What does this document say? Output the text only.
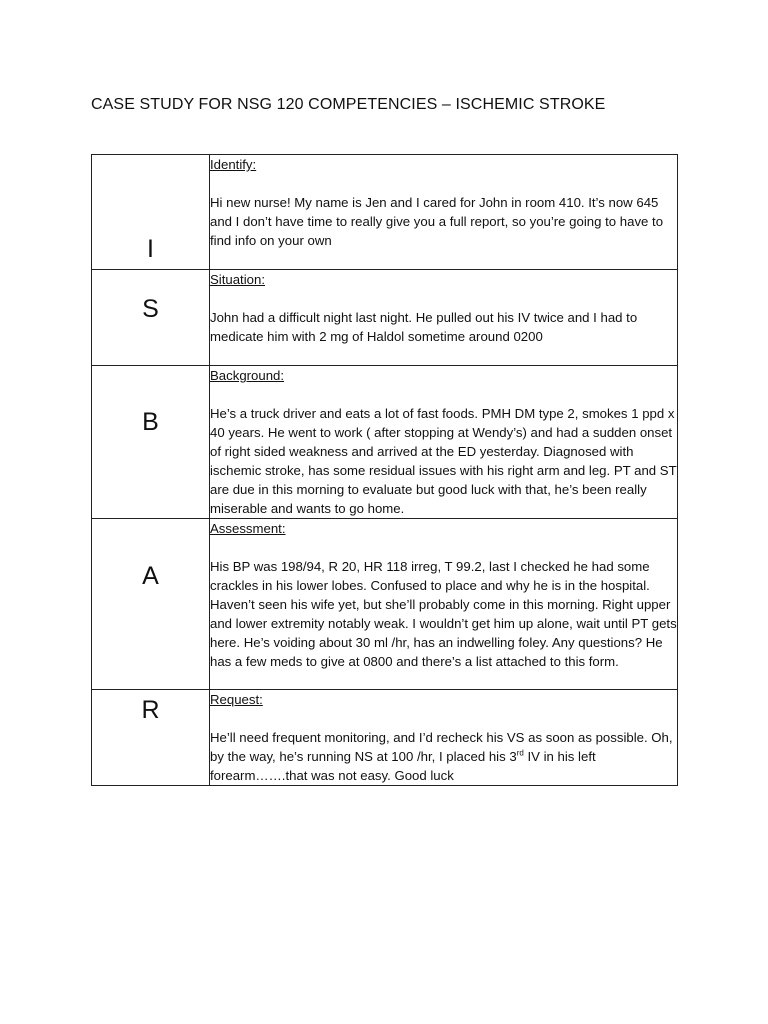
CASE STUDY FOR NSG 120 COMPETENCIES – ISCHEMIC STROKE
I	Identify:
Hi new nurse! My name is Jen and I cared for John in room 410. It’s now 645 and I don’t have time to really give you a full report, so you’re going to have to find info on your own

S	Situation:
John had a difficult night last night. He pulled out his IV twice and I had to medicate him with 2 mg of Haldol sometime around 0200

B	Background:
He’s a truck driver and eats a lot of fast foods. PMH DM type 2, smokes 1 ppd x 40 years. He went to work ( after stopping at Wendy’s) and had a sudden onset of right sided weakness and arrived at the ED yesterday. Diagnosed with ischemic stroke, has some residual issues with his right arm and leg. PT and ST are due in this morning to evaluate but good luck with that, he’s been really miserable and wants to go home.

A	Assessment:
His BP was 198/94, R 20, HR 118 irreg, T 99.2, last I checked he had some crackles in his lower lobes. Confused to place and why he is in the hospital. Haven’t seen his wife yet, but she’ll probably come in this morning. Right upper and lower extremity notably weak. I wouldn’t get him up alone, wait until PT gets here. He’s voiding about 30 ml /hr, has an indwelling foley. Any questions? He has a few meds to give at 0800 and there’s a list attached to this form.

R	Request:
He’ll need frequent monitoring, and I’d recheck his VS as soon as possible. Oh, by the way, he’s running NS at 100 /hr, I placed his 3rd IV in his left forearm…….that was not easy. Good luck
